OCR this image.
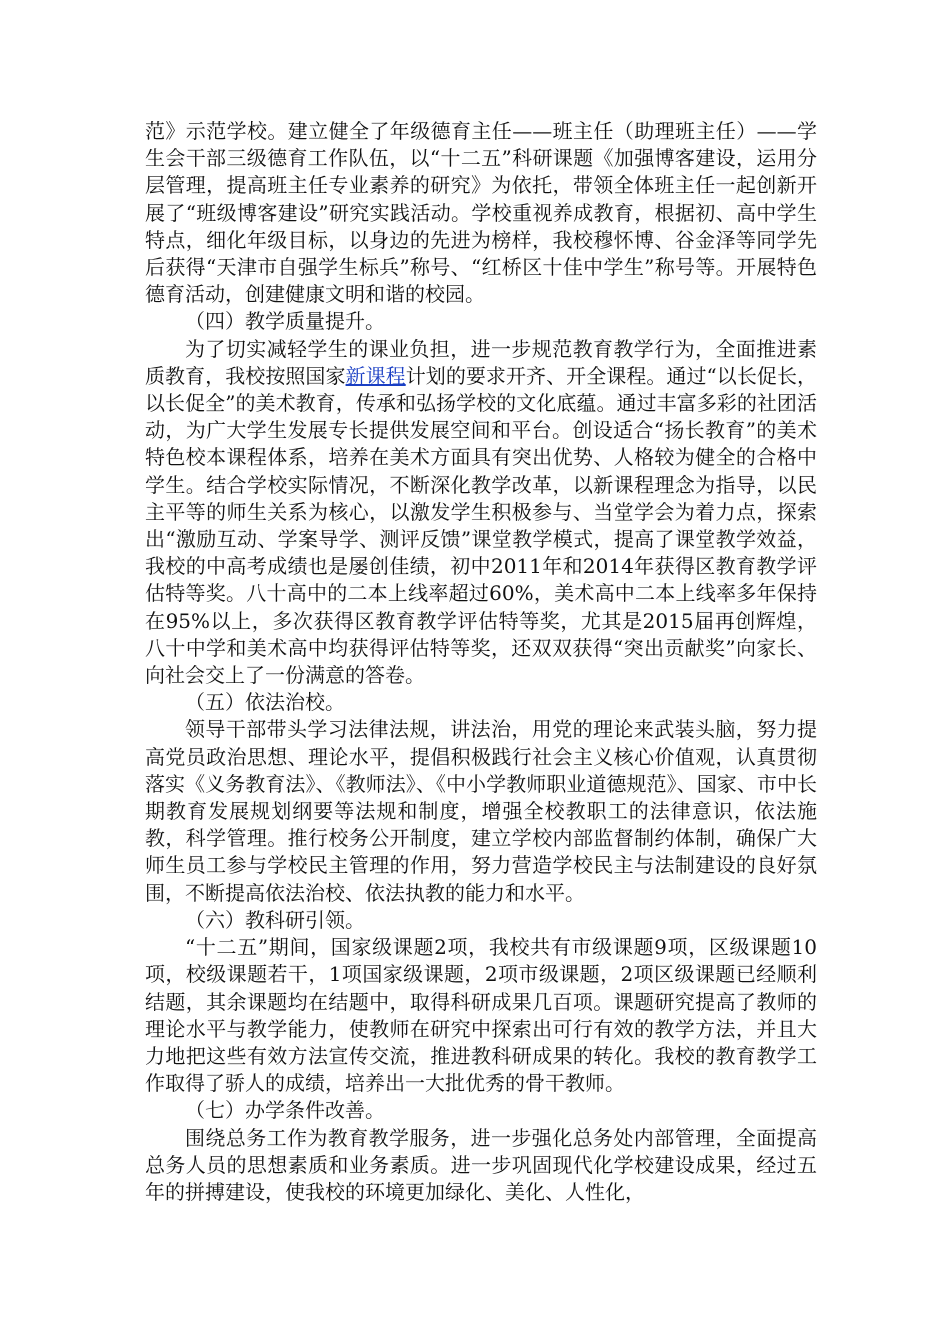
范》示范学校。建立健全了年级德育主任——班主任（助理班主任）——学生会干部三级德育工作队伍，以“十二五”科研课题《加强博客建设，运用分层管理，提高班主任专业素养的研究》为依托，带领全体班主任一起创新开展了“班级博客建设”研究实践活动。学校重视养成教育，根据初、高中学生特点，细化年级目标，以身边的先进为榜样，我校穆怀博、谷金泽等同学先后获得“天津市自强学生标兵”称号、“红桥区十佳中学生”称号等。开展特色德育活动，创建健康文明和谐的校园。

（四）教学质量提升。

为了切实减轻学生的课业负担，进一步规范教育教学行为，全面推进素质教育，我校按照国家新课程计划的要求开齐、开全课程。通过“以长促长，以长促全”的美术教育，传承和弘扬学校的文化底蕴。通过丰富多彩的社团活动，为广大学生发展专长提供发展空间和平台。创设适合“扬长教育”的美术特色校本课程体系，培养在美术方面具有突出优势、人格较为健全的合格中学生。结合学校实际情况，不断深化教学改革，以新课程理念为指导，以民主平等的师生关系为核心，以激发学生积极参与、当堂学会为着力点，探索出“激励互动、学案导学、测评反馈”课堂教学模式，提高了课堂教学效益，我校的中高考成绩也是屡创佳绩，初中2011年和2014年获得区教育教学评估特等奖。八十高中的二本上线率超过60%，美术高中二本上线率多年保持在95%以上，多次获得区教育教学评估特等奖，尤其是2015届再创辉煌，八十中学和美术高中均获得评估特等奖，还双双获得“突出贡献奖”向家长、向社会交上了一份满意的答卷。

（五）依法治校。

领导干部带头学习法律法规，讲法治，用党的理论来武装头脑，努力提高党员政治思想、理论水平，提倡积极践行社会主义核心价值观，认真贯彻落实《义务教育法》、《教师法》、《中小学教师职业道德规范》、国家、市中长期教育发展规划纲要等法规和制度，增强全校教职工的法律意识，依法施教，科学管理。推行校务公开制度，建立学校内部监督制约体制，确保广大师生员工参与学校民主管理的作用，努力营造学校民主与法制建设的良好氛围，不断提高依法治校、依法执教的能力和水平。

（六）教科研引领。

“十二五”期间，国家级课题2项，我校共有市级课题9项，区级课题10项，校级课题若干，1项国家级课题，2项市级课题，2项区级课题已经顺利结题，其余课题均在结题中，取得科研成果几百项。课题研究提高了教师的理论水平与教学能力，使教师在研究中探索出可行有效的教学方法，并且大力地把这些有效方法宣传交流，推进教科研成果的转化。我校的教育教学工作取得了骄人的成绩，培养出一大批优秀的骨干教师。

（七）办学条件改善。

围绕总务工作为教育教学服务，进一步强化总务处内部管理，全面提高总务人员的思想素质和业务素质。进一步巩固现代化学校建设成果，经过五年的拼搏建设，使我校的环境更加绿化、美化、人性化，
